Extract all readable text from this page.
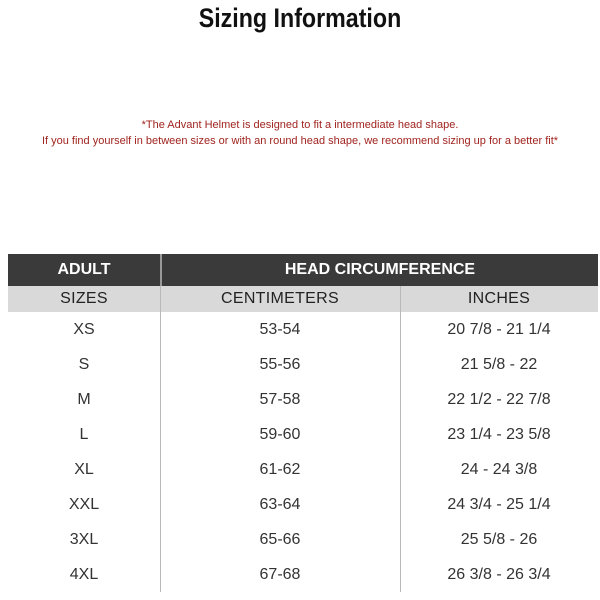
Sizing Information
*The Advant Helmet is designed to fit a intermediate head shape.
If you find yourself in between sizes or with an round head shape, we recommend sizing up for a better fit*
ADULT	HEAD CIRCUMFERENCE
SIZES	CENTIMETERS	INCHES
XS	53-54	20 7/8 - 21 1/4
S	55-56	21 5/8 - 22
M	57-58	22 1/2 - 22 7/8
L	59-60	23 1/4 - 23 5/8
XL	61-62	24 - 24 3/8
XXL	63-64	24 3/4 - 25 1/4
3XL	65-66	25 5/8 - 26
4XL	67-68	26 3/8 - 26 3/4
